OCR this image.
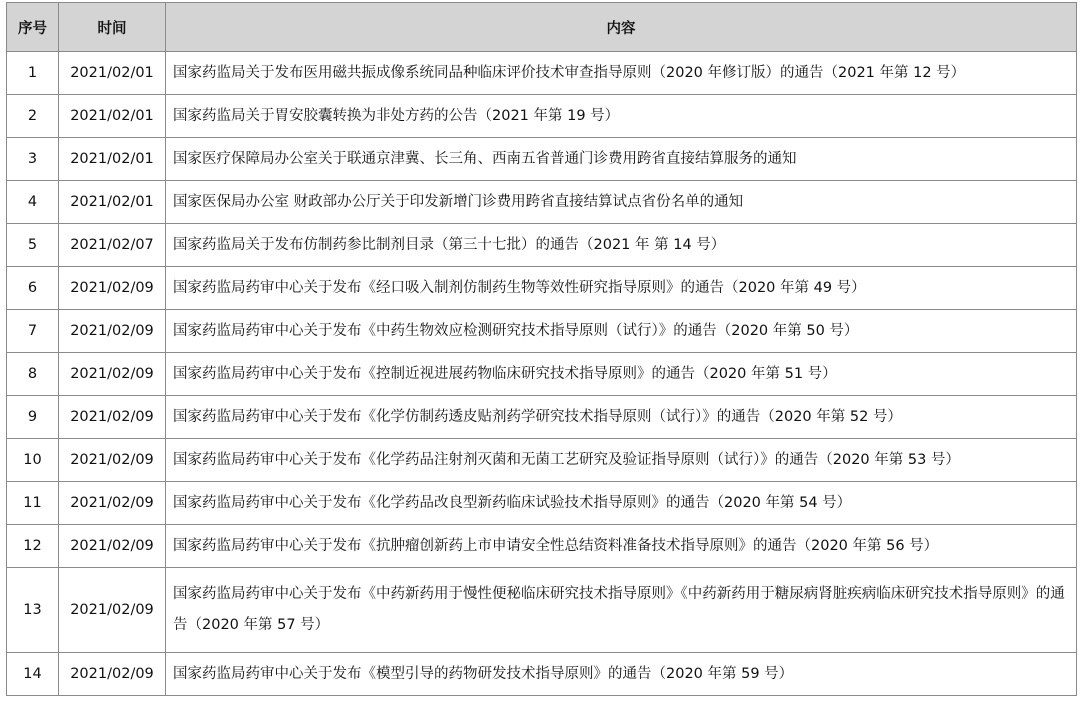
序号	时间	内容
1	2021/02/01	国家药监局关于发布医用磁共振成像系统同品种临床评价技术审查指导原则（2020 年修订版）的通告（2021 年第 12 号）
2	2021/02/01	国家药监局关于胃安胶囊转换为非处方药的公告（2021 年第 19 号）
3	2021/02/01	国家医疗保障局办公室关于联通京津冀、长三角、西南五省普通门诊费用跨省直接结算服务的通知
4	2021/02/01	国家医保局办公室 财政部办公厅关于印发新增门诊费用跨省直接结算试点省份名单的通知
5	2021/02/07	国家药监局关于发布仿制药参比制剂目录（第三十七批）的通告（2021 年 第 14 号）
6	2021/02/09	国家药监局药审中心关于发布《经口吸入制剂仿制药生物等效性研究指导原则》的通告（2020 年第 49 号）
7	2021/02/09	国家药监局药审中心关于发布《中药生物效应检测研究技术指导原则（试行）》的通告（2020 年第 50 号）
8	2021/02/09	国家药监局药审中心关于发布《控制近视进展药物临床研究技术指导原则》的通告（2020 年第 51 号）
9	2021/02/09	国家药监局药审中心关于发布《化学仿制药透皮贴剂药学研究技术指导原则（试行）》的通告（2020 年第 52 号）
10	2021/02/09	国家药监局药审中心关于发布《化学药品注射剂灭菌和无菌工艺研究及验证指导原则（试行）》的通告（2020 年第 53 号）
11	2021/02/09	国家药监局药审中心关于发布《化学药品改良型新药临床试验技术指导原则》的通告（2020 年第 54 号）
12	2021/02/09	国家药监局药审中心关于发布《抗肿瘤创新药上市申请安全性总结资料准备技术指导原则》的通告（2020 年第 56 号）
13	2021/02/09	国家药监局药审中心关于发布《中药新药用于慢性便秘临床研究技术指导原则》《中药新药用于糖尿病肾脏疾病临床研究技术指导原则》的通告（2020 年第 57 号）
14	2021/02/09	国家药监局药审中心关于发布《模型引导的药物研发技术指导原则》的通告（2020 年第 59 号）
